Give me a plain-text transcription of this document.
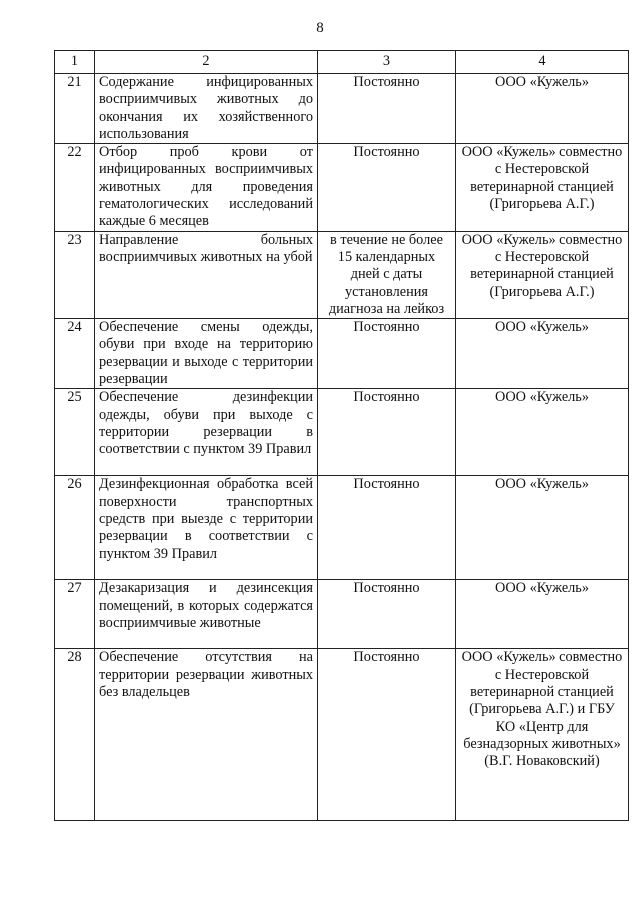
8
1	2	3	4
21	Содержание инфицированных восприимчивых животных до окончания их хозяйственного использования	Постоянно	ООО «Кужель»
22	Отбор проб крови от инфицированных восприимчивых животных для проведения гематологических исследований каждые 6 месяцев	Постоянно	ООО «Кужель» совместно с Нестеровской ветеринарной станцией (Григорьева А.Г.)
23	Направление больных восприимчивых животных на убой	в течение не более 15 календарных дней с даты установления диагноза на лейкоз	ООО «Кужель» совместно с Нестеровской ветеринарной станцией (Григорьева А.Г.)
24	Обеспечение смены одежды, обуви при входе на территорию резервации и выходе с территории резервации	Постоянно	ООО «Кужель»
25	Обеспечение дезинфекции одежды, обуви при выходе с территории резервации в соответствии с пунктом 39 Правил	Постоянно	ООО «Кужель»
26	Дезинфекционная обработка всей поверхности транспортных средств при выезде с территории резервации в соответствии с пунктом 39 Правил	Постоянно	ООО «Кужель»
27	Дезакаризация и дезинсекция помещений, в которых содержатся восприимчивые животные	Постоянно	ООО «Кужель»
28	Обеспечение отсутствия на территории резервации животных без владельцев	Постоянно	ООО «Кужель» совместно с Нестеровской ветеринарной станцией (Григорьева А.Г.) и ГБУ КО «Центр для безнадзорных животных» (В.Г. Новаковский)
